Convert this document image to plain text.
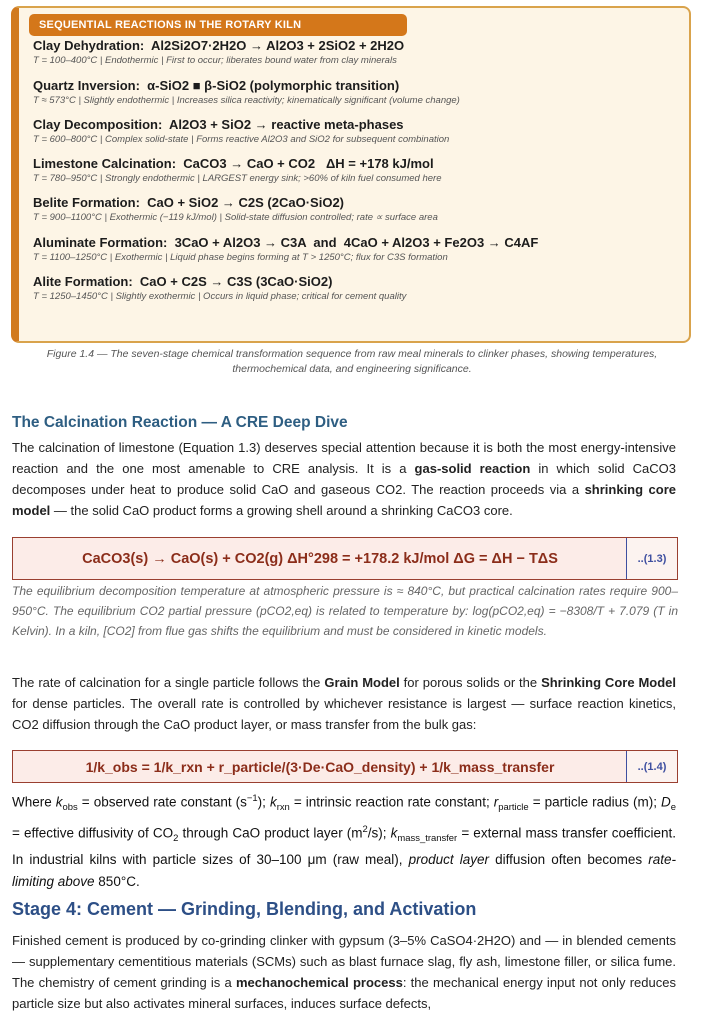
SEQUENTIAL REACTIONS IN THE ROTARY KILN
Clay Dehydration: Al2Si2O7·2H2O → Al2O3 + 2SiO2 + 2H2O
T = 100–400°C | Endothermic | First to occur; liberates bound water from clay minerals
Quartz Inversion: α-SiO2 ■ β-SiO2 (polymorphic transition)
T ≈ 573°C | Slightly endothermic | Increases silica reactivity; kinematically significant (volume change)
Clay Decomposition: Al2O3 + SiO2 → reactive meta-phases
T = 600–800°C | Complex solid-state | Forms reactive Al2O3 and SiO2 for subsequent combination
Limestone Calcination: CaCO3 → CaO + CO2   ΔH = +178 kJ/mol
T = 780–950°C | Strongly endothermic | LARGEST energy sink; >60% of kiln fuel consumed here
Belite Formation: CaO + SiO2 → C2S (2CaO·SiO2)
T = 900–1100°C | Exothermic (−119 kJ/mol) | Solid-state diffusion controlled; rate ∝ surface area
Aluminate Formation: 3CaO + Al2O3 → C3A  and  4CaO + Al2O3 + Fe2O3 → C4AF
T = 1100–1250°C | Exothermic | Liquid phase begins forming at T > 1250°C; flux for C3S formation
Alite Formation: CaO + C2S → C3S (3CaO·SiO2)
T = 1250–1450°C | Slightly exothermic | Occurs in liquid phase; critical for cement quality
Figure 1.4 — The seven-stage chemical transformation sequence from raw meal minerals to clinker phases, showing temperatures, thermochemical data, and engineering significance.
The Calcination Reaction — A CRE Deep Dive
The calcination of limestone (Equation 1.3) deserves special attention because it is both the most energy-intensive reaction and the one most amenable to CRE analysis. It is a gas-solid reaction in which solid CaCO3 decomposes under heat to produce solid CaO and gaseous CO2. The reaction proceeds via a shrinking core model — the solid CaO product forms a growing shell around a shrinking CaCO3 core.
CaCO3(s) → CaO(s) + CO2(g) ΔH°298 = +178.2 kJ/mol ΔG = ΔH − TΔS	..(1.3)
The equilibrium decomposition temperature at atmospheric pressure is ≈ 840°C, but practical calcination rates require 900–950°C. The equilibrium CO2 partial pressure (pCO2,eq) is related to temperature by: log(pCO2,eq) = −8308/T + 7.079 (T in Kelvin). In a kiln, [CO2] from flue gas shifts the equilibrium and must be considered in kinetic models.
The rate of calcination for a single particle follows the Grain Model for porous solids or the Shrinking Core Model for dense particles. The overall rate is controlled by whichever resistance is largest — surface reaction kinetics, CO2 diffusion through the CaO product layer, or mass transfer from the bulk gas:
1/k_obs = 1/k_rxn + r_particle/(3·De·CaO_density) + 1/k_mass_transfer	..(1.4)
Where $k_{obs}$ = observed rate constant $(s^{-1})$; $k_{rxn}$ = intrinsic reaction rate constant; $r_{particle}$ = particle radius (m); $D_e$ = effective diffusivity of $CO_2$ through CaO product layer $(m^2/s)$; $k_{mass\_transfer}$ = external mass transfer coefficient. In industrial kilns with particle sizes of 30–100 μm (raw meal), product layer diffusion often becomes rate-limiting above 850°C.
Stage 4: Cement — Grinding, Blending, and Activation
Finished cement is produced by co-grinding clinker with gypsum (3–5% CaSO4·2H2O) and — in blended cements — supplementary cementitious materials (SCMs) such as blast furnace slag, fly ash, limestone filler, or silica fume. The chemistry of cement grinding is a mechanochemical process: the mechanical energy input not only reduces particle size but also activates mineral surfaces, induces surface defects,
